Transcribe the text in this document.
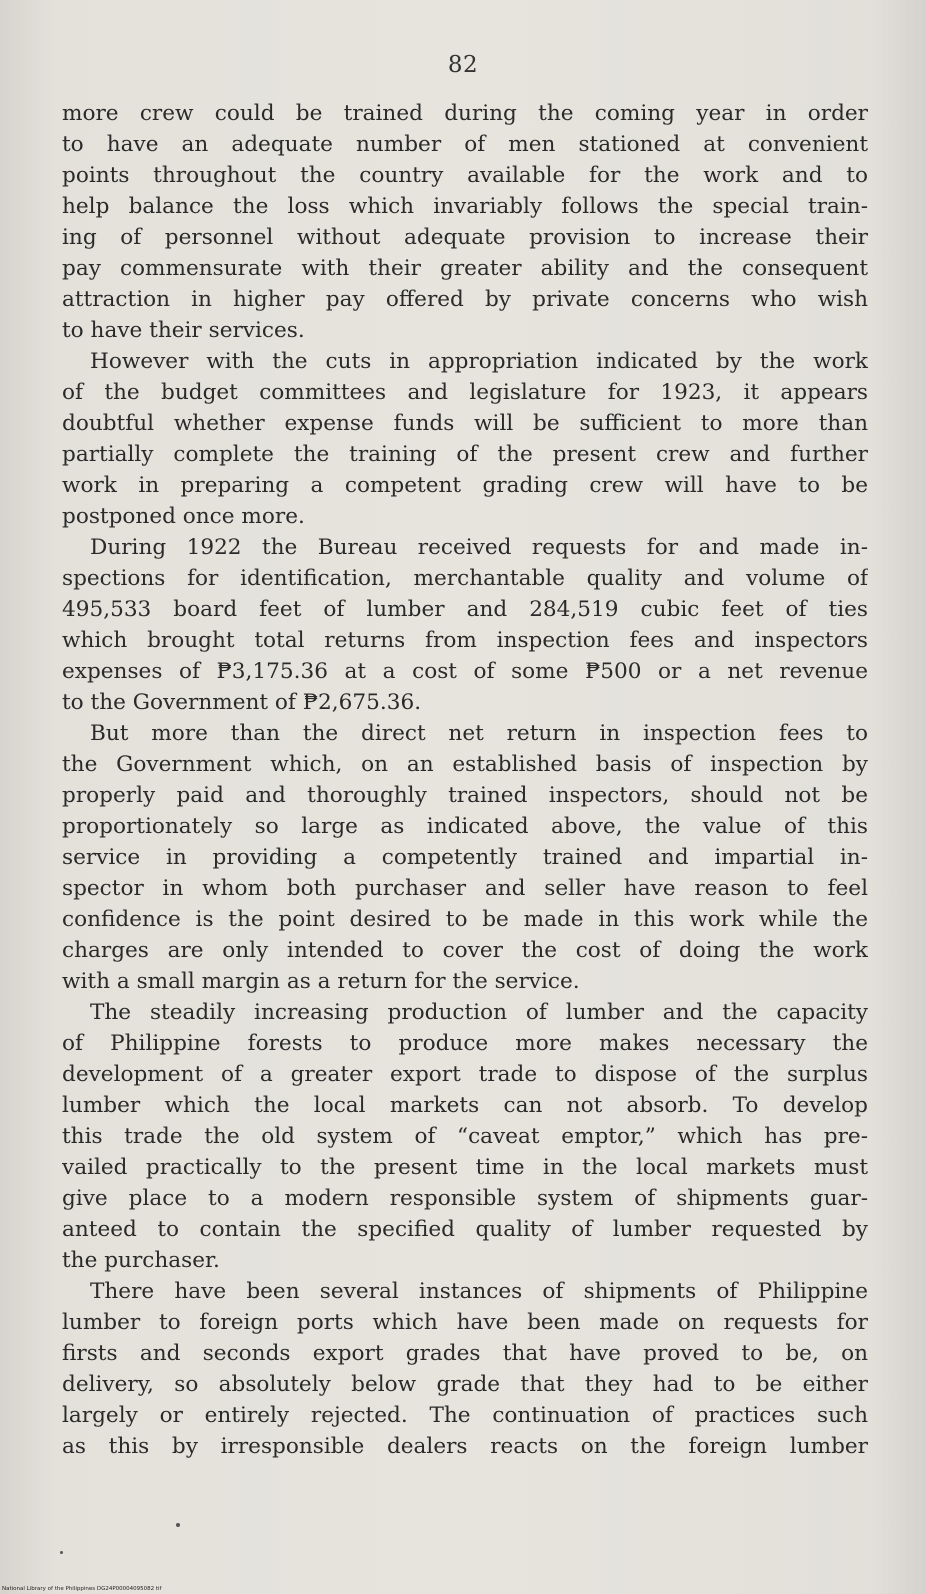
82
more crew could be trained during the coming year in order
to have an adequate number of men stationed at convenient
points throughout the country available for the work and to
help balance the loss which invariably follows the special train-
ing of personnel without adequate provision to increase their
pay commensurate with their greater ability and the consequent
attraction in higher pay offered by private concerns who wish
to have their services.
However with the cuts in appropriation indicated by the work
of the budget committees and legislature for 1923, it appears
doubtful whether expense funds will be sufficient to more than
partially complete the training of the present crew and further
work in preparing a competent grading crew will have to be
postponed once more.
During 1922 the Bureau received requests for and made in-
spections for identification, merchantable quality and volume of
495,533 board feet of lumber and 284,519 cubic feet of ties
which brought total returns from inspection fees and inspectors
expenses of ₱3,175.36 at a cost of some ₱500 or a net revenue
to the Government of ₱2,675.36.
But more than the direct net return in inspection fees to
the Government which, on an established basis of inspection by
properly paid and thoroughly trained inspectors, should not be
proportionately so large as indicated above, the value of this
service in providing a competently trained and impartial in-
spector in whom both purchaser and seller have reason to feel
confidence is the point desired to be made in this work while the
charges are only intended to cover the cost of doing the work
with a small margin as a return for the service.
The steadily increasing production of lumber and the capacity
of Philippine forests to produce more makes necessary the
development of a greater export trade to dispose of the surplus
lumber which the local markets can not absorb. To develop
this trade the old system of “caveat emptor,” which has pre-
vailed practically to the present time in the local markets must
give place to a modern responsible system of shipments guar-
anteed to contain the specified quality of lumber requested by
the purchaser.
There have been several instances of shipments of Philippine
lumber to foreign ports which have been made on requests for
firsts and seconds export grades that have proved to be, on
delivery, so absolutely below grade that they had to be either
largely or entirely rejected. The continuation of practices such
as this by irresponsible dealers reacts on the foreign lumber
National Library of the Philippines DG24P00004095082 tif
